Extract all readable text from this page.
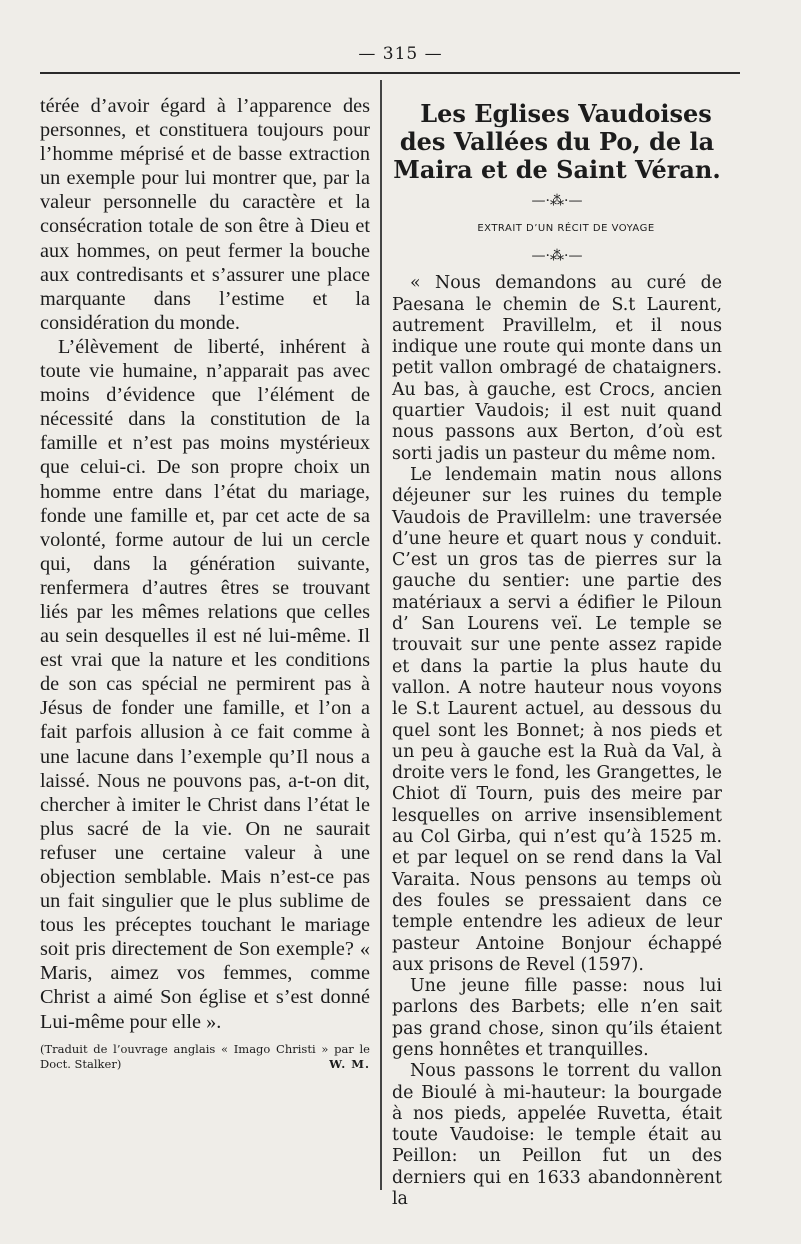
— 315 —

térée d’avoir égard à l’apparence des personnes, et constituera toujours pour l’homme méprisé et de basse extraction un exemple pour lui montrer que, par la valeur personnelle du caractère et la consécration totale de son être à Dieu et aux hommes, on peut fermer la bouche aux contredisants et s’assurer une place marquante dans l’estime et la considération du monde.

L’élèvement de liberté, inhérent à toute vie humaine, n’apparait pas avec moins d’évidence que l’élément de nécessité dans la constitution de la famille et n’est pas moins mystérieux que celui-ci. De son propre choix un homme entre dans l’état du mariage, fonde une famille et, par cet acte de sa volonté, forme autour de lui un cercle qui, dans la génération suivante, renfermera d’autres êtres se trouvant liés par les mêmes relations que celles au sein desquelles il est né lui-même. Il est vrai que la nature et les conditions de son cas spécial ne permirent pas à Jésus de fonder une famille, et l’on a fait parfois allusion à ce fait comme à une lacune dans l’exemple qu’Il nous a laissé. Nous ne pouvons pas, a-t-on dit, chercher à imiter le Christ dans l’état le plus sacré de la vie. On ne saurait refuser une certaine valeur à une objection semblable. Mais n’est-ce pas un fait singulier que le plus sublime de tous les préceptes touchant le mariage soit pris directement de Son exemple? « Maris, aimez vos femmes, comme Christ a aimé Son église et s’est donné Lui-même pour elle ».

(Traduit de l’ouvrage anglais « Imago Christi » par le Doct. Stalker)	W. M.

Les Eglises Vaudoises des Vallées du Po, de la Maira et de Saint Véran.

—·⁂·—

EXTRAIT D’UN RÉCIT DE VOYAGE

—·⁂·—

« Nous demandons au curé de Paesana le chemin de S.t Laurent, autrement Pravillelm, et il nous indique une route qui monte dans un petit vallon ombragé de chataigners. Au bas, à gauche, est Crocs, ancien quartier Vaudois; il est nuit quand nous passons aux Berton, d’où est sorti jadis un pasteur du même nom.

Le lendemain matin nous allons déjeuner sur les ruines du temple Vaudois de Pravillelm: une traversée d’une heure et quart nous y conduit. C’est un gros tas de pierres sur la gauche du sentier: une partie des matériaux a servi a édifier le Piloun d’ San Lourens veï. Le temple se trouvait sur une pente assez rapide et dans la partie la plus haute du vallon. A notre hauteur nous voyons le S.t Laurent actuel, au dessous du quel sont les Bonnet; à nos pieds et un peu à gauche est la Ruà da Val, à droite vers le fond, les Grangettes, le Chiot dï Tourn, puis des meire par lesquelles on arrive insensiblement au Col Girba, qui n’est qu’à 1525 m. et par lequel on se rend dans la Val Varaita. Nous pensons au temps où des foules se pressaient dans ce temple entendre les adieux de leur pasteur Antoine Bonjour échappé aux prisons de Revel (1597).

Une jeune fille passe: nous lui parlons des Barbets; elle n’en sait pas grand chose, sinon qu’ils étaient gens honnêtes et tranquilles.

Nous passons le torrent du vallon de Bioulé à mi-hauteur: la bourgade à nos pieds, appelée Ruvetta, était toute Vaudoise: le temple était au Peillon: un Peillon fut un des derniers qui en 1633 abandonnèrent la
